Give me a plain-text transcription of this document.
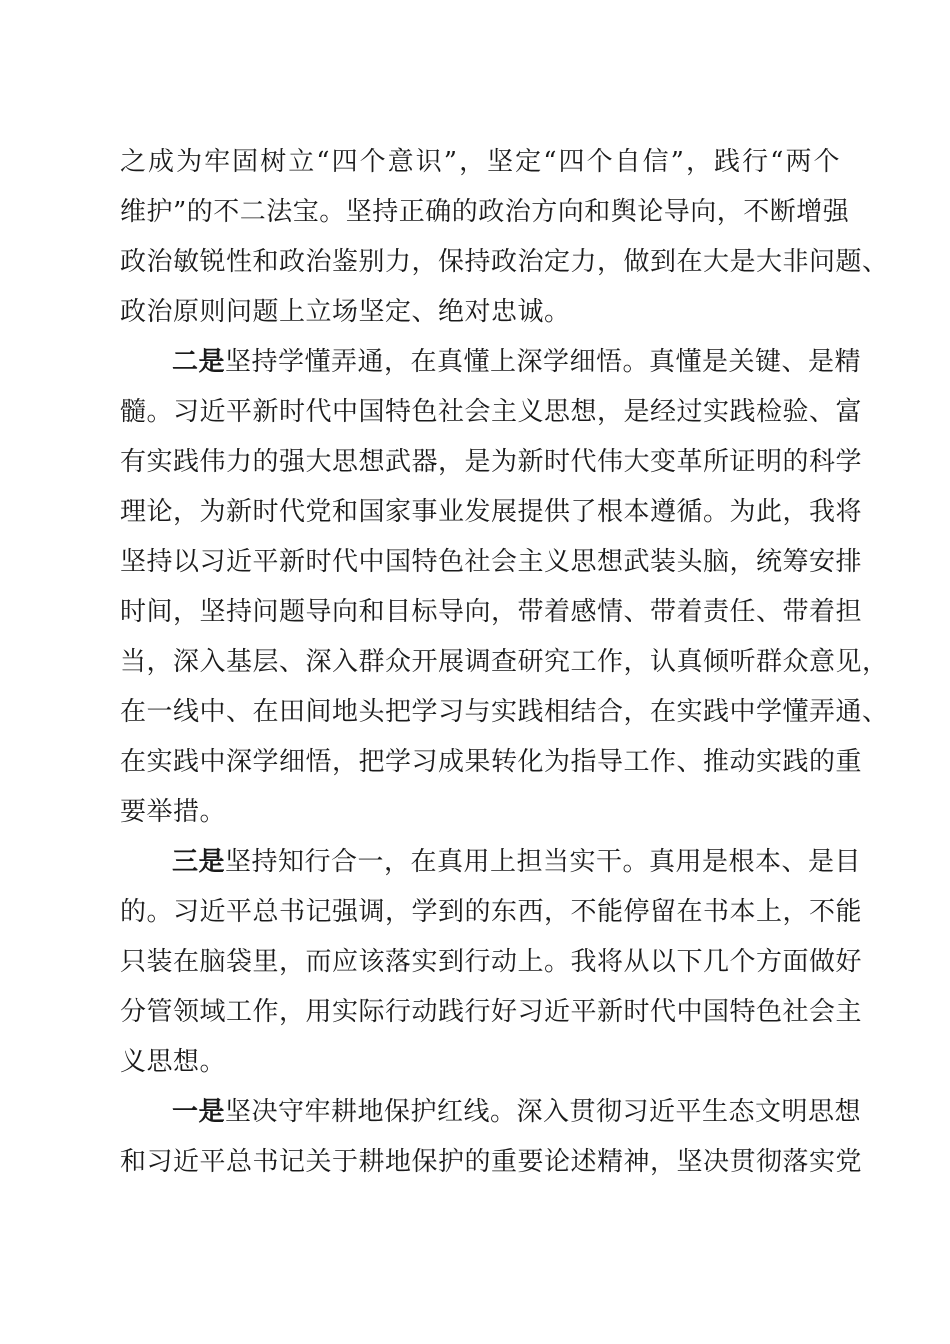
之成为牢固树立“四个意识”，坚定“四个自信”，践行“两个
维护”的不二法宝。坚持正确的政治方向和舆论导向，不断增强
政治敏锐性和政治鉴别力，保持政治定力，做到在大是大非问题、
政治原则问题上立场坚定、绝对忠诚。
二是坚持学懂弄通，在真懂上深学细悟。真懂是关键、是精
髓。习近平新时代中国特色社会主义思想，是经过实践检验、富
有实践伟力的强大思想武器，是为新时代伟大变革所证明的科学
理论，为新时代党和国家事业发展提供了根本遵循。为此，我将
坚持以习近平新时代中国特色社会主义思想武装头脑，统筹安排
时间，坚持问题导向和目标导向，带着感情、带着责任、带着担
当，深入基层、深入群众开展调查研究工作，认真倾听群众意见，
在一线中、在田间地头把学习与实践相结合，在实践中学懂弄通、
在实践中深学细悟，把学习成果转化为指导工作、推动实践的重
要举措。
三是坚持知行合一，在真用上担当实干。真用是根本、是目
的。习近平总书记强调，学到的东西，不能停留在书本上，不能
只装在脑袋里，而应该落实到行动上。我将从以下几个方面做好
分管领域工作，用实际行动践行好习近平新时代中国特色社会主
义思想。
一是坚决守牢耕地保护红线。深入贯彻习近平生态文明思想
和习近平总书记关于耕地保护的重要论述精神，坚决贯彻落实党
